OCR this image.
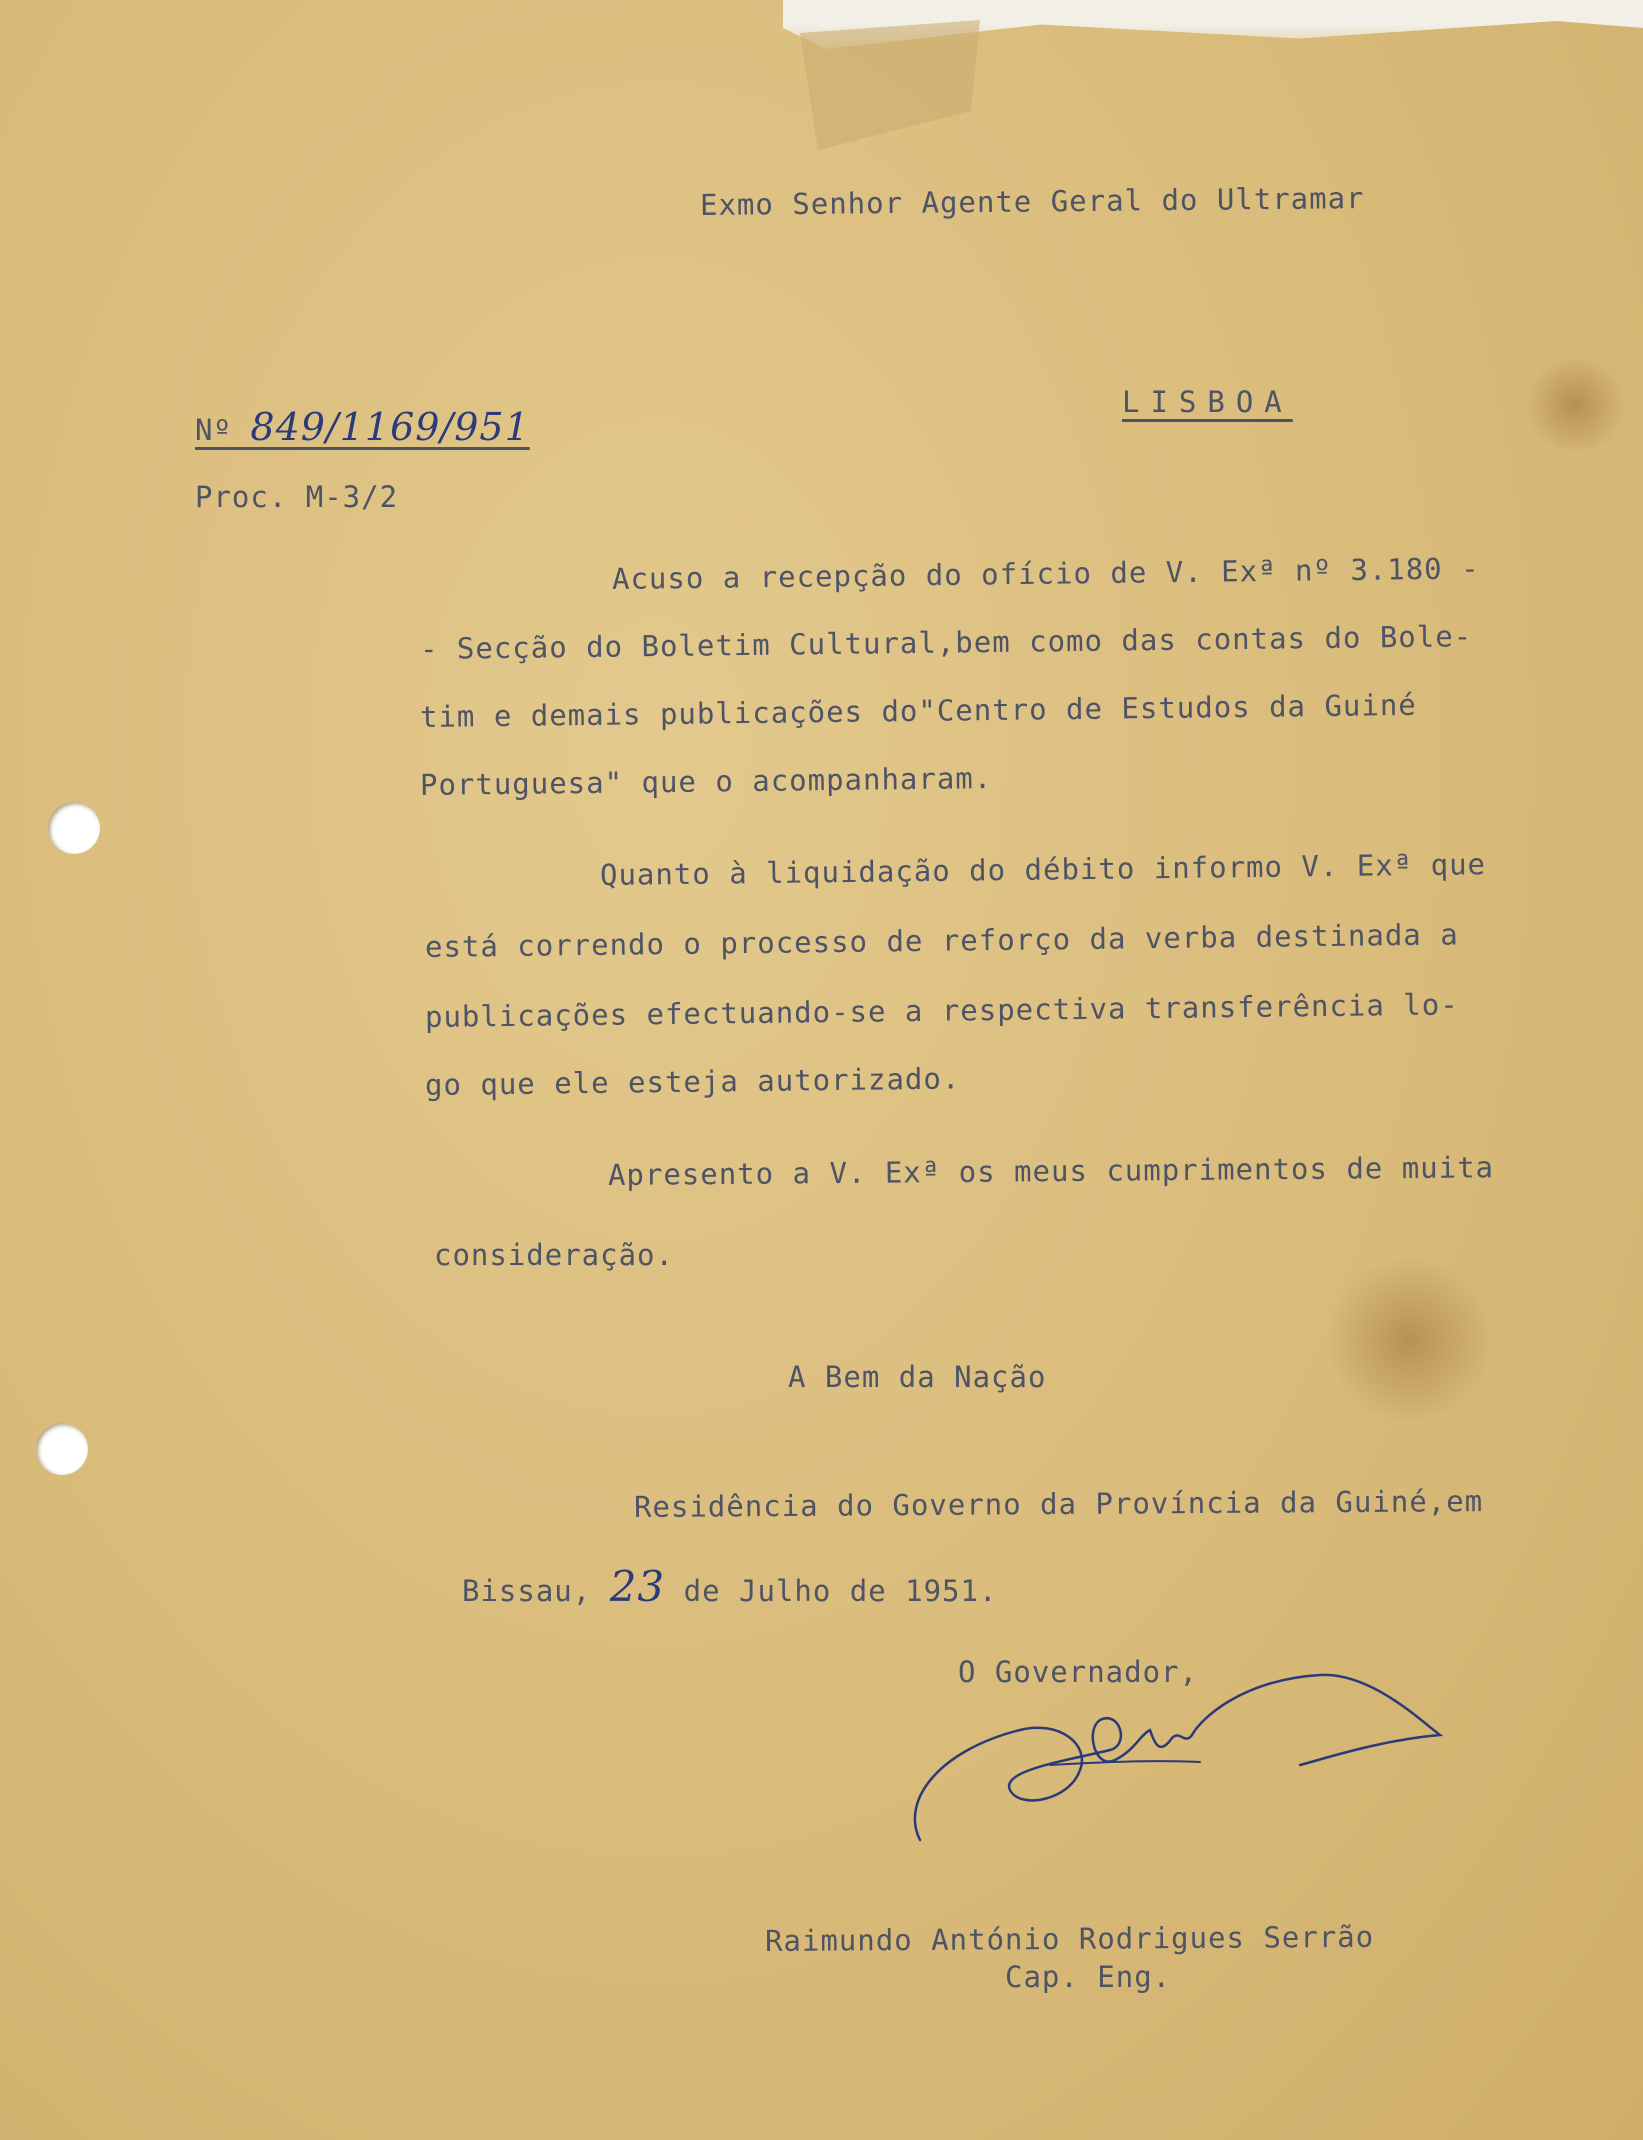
Exmo Senhor Agente Geral do Ultramar
LISBOA
Nº 849/1169/951
Proc. M-3/2
Acuso a recepção do ofício de V. Exª nº 3.180 -
- Secção do Boletim Cultural,bem como das contas do Bole-
tim e demais publicações do"Centro de Estudos da Guiné
Portuguesa" que o acompanharam.
Quanto à liquidação do débito informo V. Exª que
está correndo o processo de reforço da verba destinada a
publicações efectuando-se a respectiva transferência lo-
go que ele esteja autorizado.
Apresento a V. Exª os meus cumprimentos de muita
consideração.
A Bem da Nação
Residência do Governo da Província da Guiné,em
Bissau, 23 de Julho de 1951.
O Governador,
Raimundo António Rodrigues Serrão
Cap. Eng.
